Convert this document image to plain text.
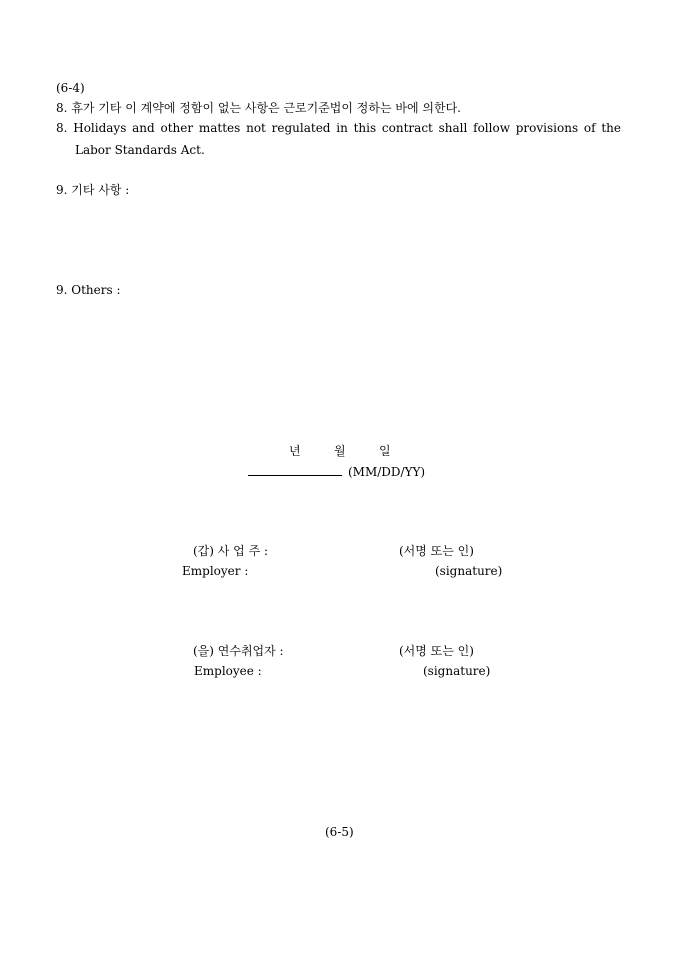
(6-4)
8. 휴가 기타 이 계약에 정함이 없는 사항은 근로기준법이 정하는 바에 의한다.
8. Holidays and other mattes not regulated in this contract shall follow provisions of the
Labor Standards Act.
9. 기타 사항 :
9. Others :
년	월	일
(MM/DD/YY)
(갑) 사 업 주 :	(서명 또는 인)
Employer :	(signature)
(을) 연수취업자 :	(서명 또는 인)
Employee :	(signature)
(6-5)
